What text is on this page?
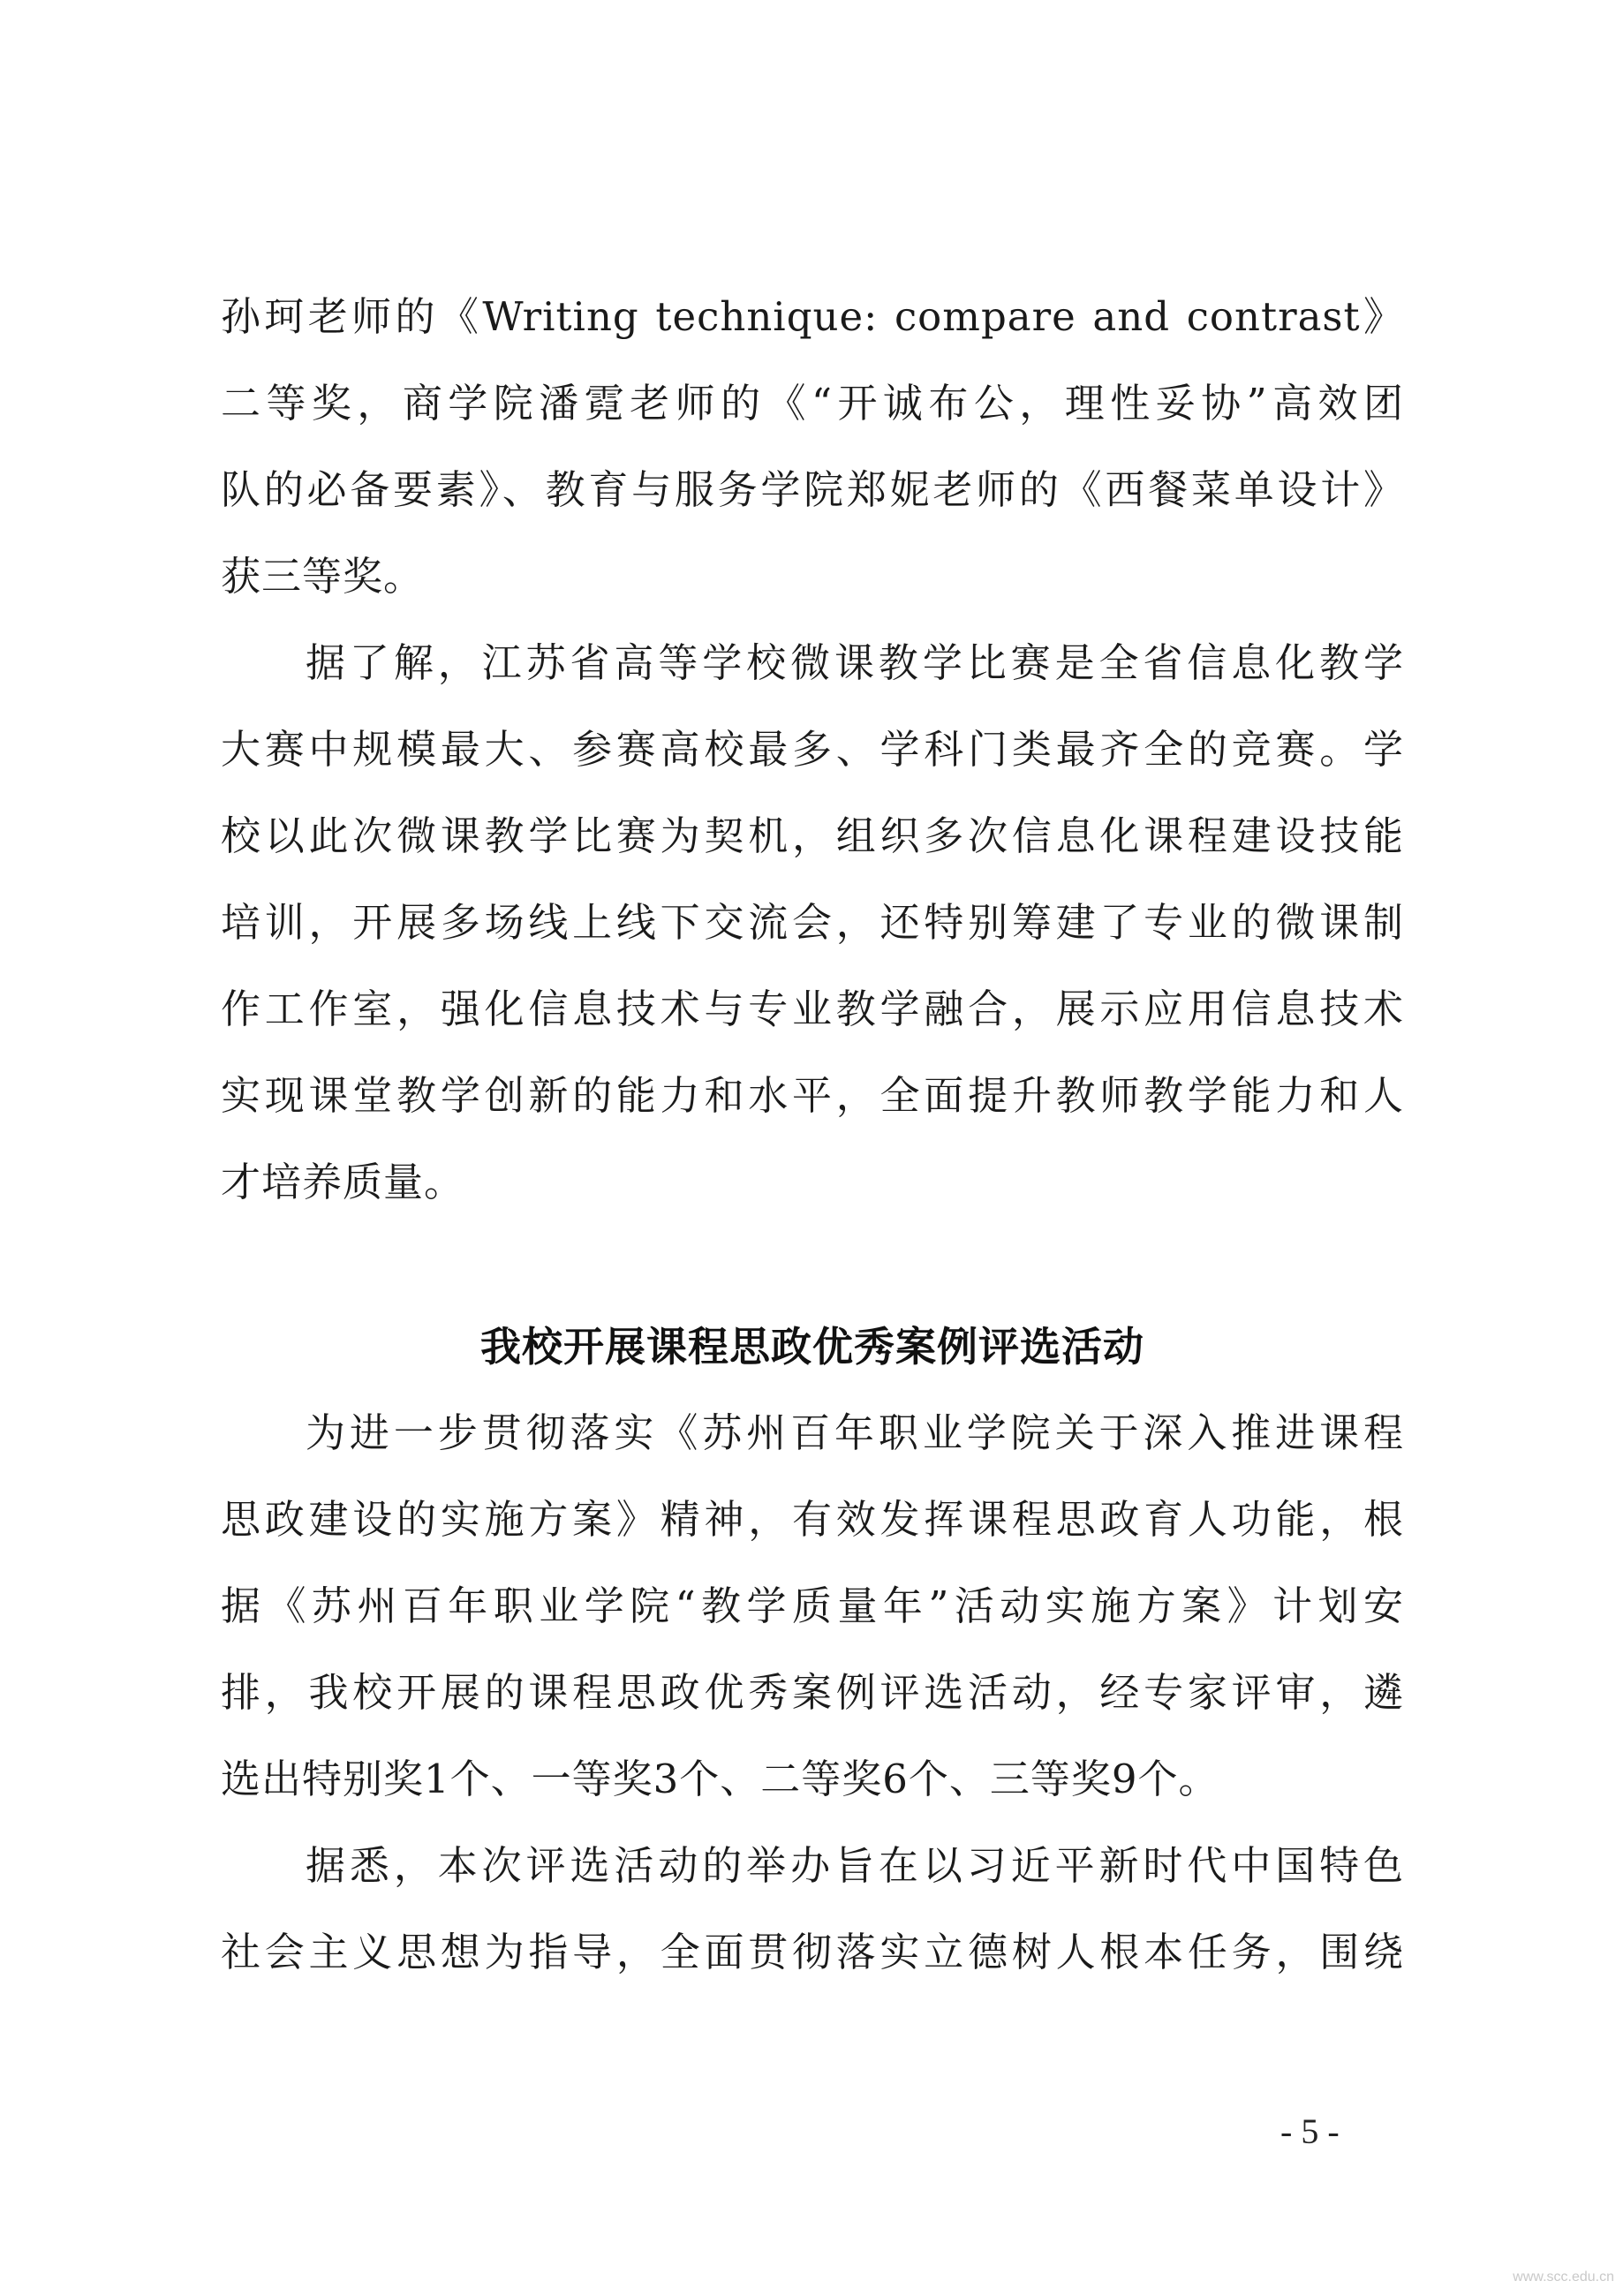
孙珂老师的《Writing technique: compare and contrast》
二等奖，商学院潘霓老师的《“开诚布公，理性妥协”高效团
队的必备要素》、教育与服务学院郑妮老师的《西餐菜单设计》
获三等奖。
据了解，江苏省高等学校微课教学比赛是全省信息化教学
大赛中规模最大、参赛高校最多、学科门类最齐全的竞赛。学
校以此次微课教学比赛为契机，组织多次信息化课程建设技能
培训，开展多场线上线下交流会，还特别筹建了专业的微课制
作工作室，强化信息技术与专业教学融合，展示应用信息技术
实现课堂教学创新的能力和水平，全面提升教师教学能力和人
才培养质量。
我校开展课程思政优秀案例评选活动
为进一步贯彻落实《苏州百年职业学院关于深入推进课程
思政建设的实施方案》精神，有效发挥课程思政育人功能，根
据《苏州百年职业学院“教学质量年”活动实施方案》计划安
排，我校开展的课程思政优秀案例评选活动，经专家评审，遴
选出特别奖1个、一等奖3个、二等奖6个、三等奖9个。
据悉，本次评选活动的举办旨在以习近平新时代中国特色
社会主义思想为指导，全面贯彻落实立德树人根本任务，围绕
- 5 -
www.scc.edu.cn
